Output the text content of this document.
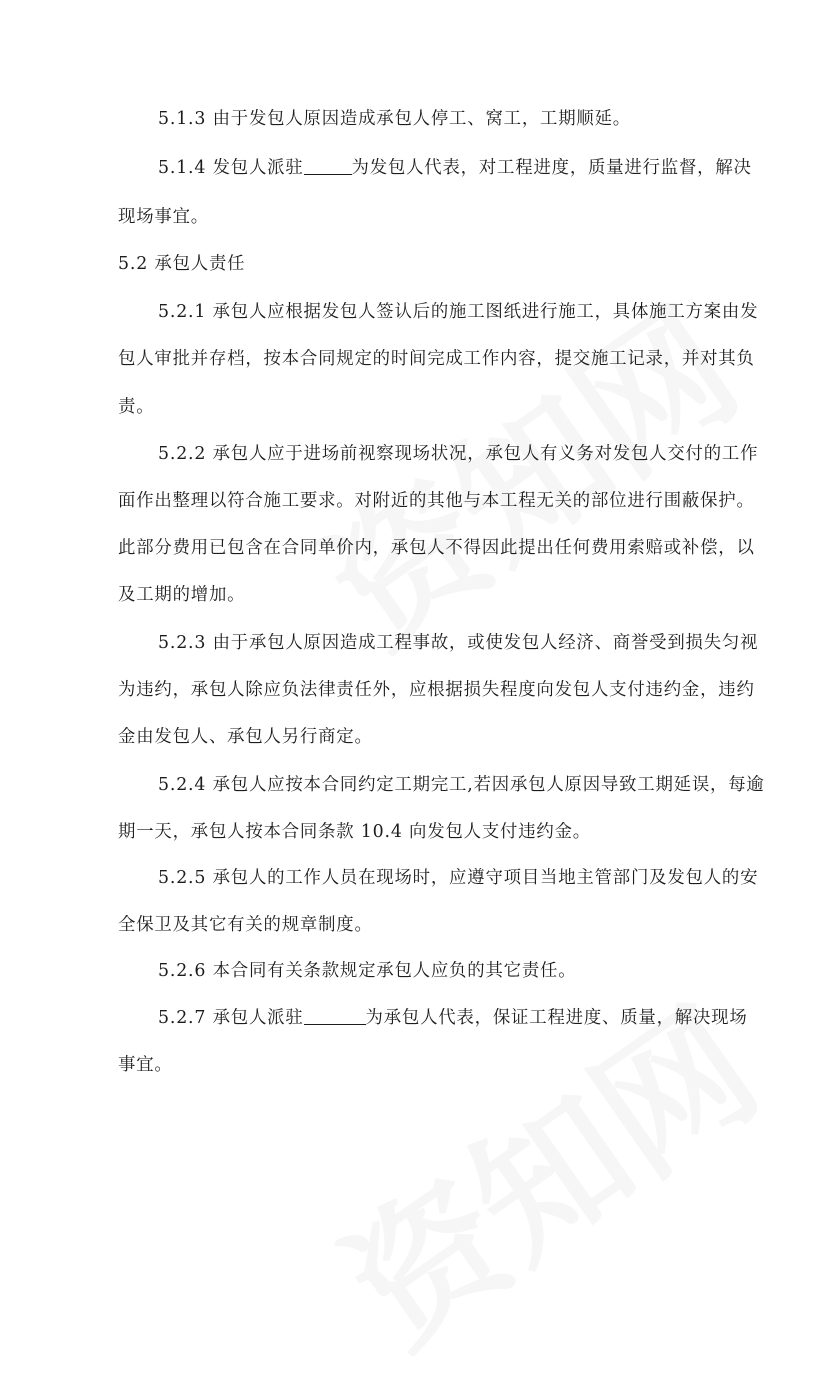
5.1.3 由于发包人原因造成承包人停工、窝工，工期顺延。
5.1.4 发包人派驻	为发包人代表，对工程进度，质量进行监督，解决
现场事宜。
5.2 承包人责任
5.2.1 承包人应根据发包人签认后的施工图纸进行施工，具体施工方案由发
包人审批并存档，按本合同规定的时间完成工作内容，提交施工记录，并对其负
责。
5.2.2 承包人应于进场前视察现场状况，承包人有义务对发包人交付的工作
面作出整理以符合施工要求。对附近的其他与本工程无关的部位进行围蔽保护。
此部分费用已包含在合同单价内，承包人不得因此提出任何费用索赔或补偿，以
及工期的增加。
5.2.3 由于承包人原因造成工程事故，或使发包人经济、商誉受到损失匀视
为违约，承包人除应负法律责任外，应根据损失程度向发包人支付违约金，违约
金由发包人、承包人另行商定。
5.2.4 承包人应按本合同约定工期完工,若因承包人原因导致工期延误，每逾
期一天，承包人按本合同条款 10.4 向发包人支付违约金。
5.2.5 承包人的工作人员在现场时，应遵守项目当地主管部门及发包人的安
全保卫及其它有关的规章制度。
5.2.6 本合同有关条款规定承包人应负的其它责任。
5.2.7 承包人派驻	为承包人代表，保证工程进度、质量，解决现场
事宜。
